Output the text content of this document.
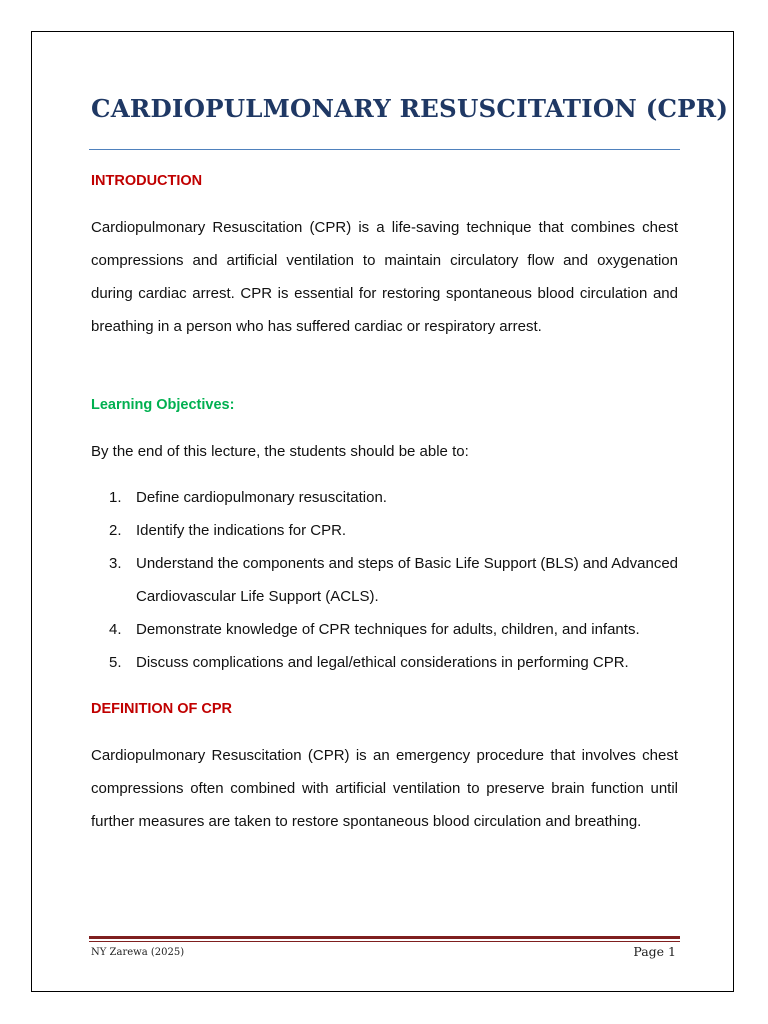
CARDIOPULMONARY RESUSCITATION (CPR)
INTRODUCTION
Cardiopulmonary Resuscitation (CPR) is a life-saving technique that combines chest compressions and artificial ventilation to maintain circulatory flow and oxygenation during cardiac arrest. CPR is essential for restoring spontaneous blood circulation and breathing in a person who has suffered cardiac or respiratory arrest.
Learning Objectives:
By the end of this lecture, the students should be able to:
1. Define cardiopulmonary resuscitation.
2. Identify the indications for CPR.
3. Understand the components and steps of Basic Life Support (BLS) and Advanced Cardiovascular Life Support (ACLS).
4. Demonstrate knowledge of CPR techniques for adults, children, and infants.
5. Discuss complications and legal/ethical considerations in performing CPR.
DEFINITION OF CPR
Cardiopulmonary Resuscitation (CPR) is an emergency procedure that involves chest compressions often combined with artificial ventilation to preserve brain function until further measures are taken to restore spontaneous blood circulation and breathing.
NY Zarewa (2025)	Page 1
